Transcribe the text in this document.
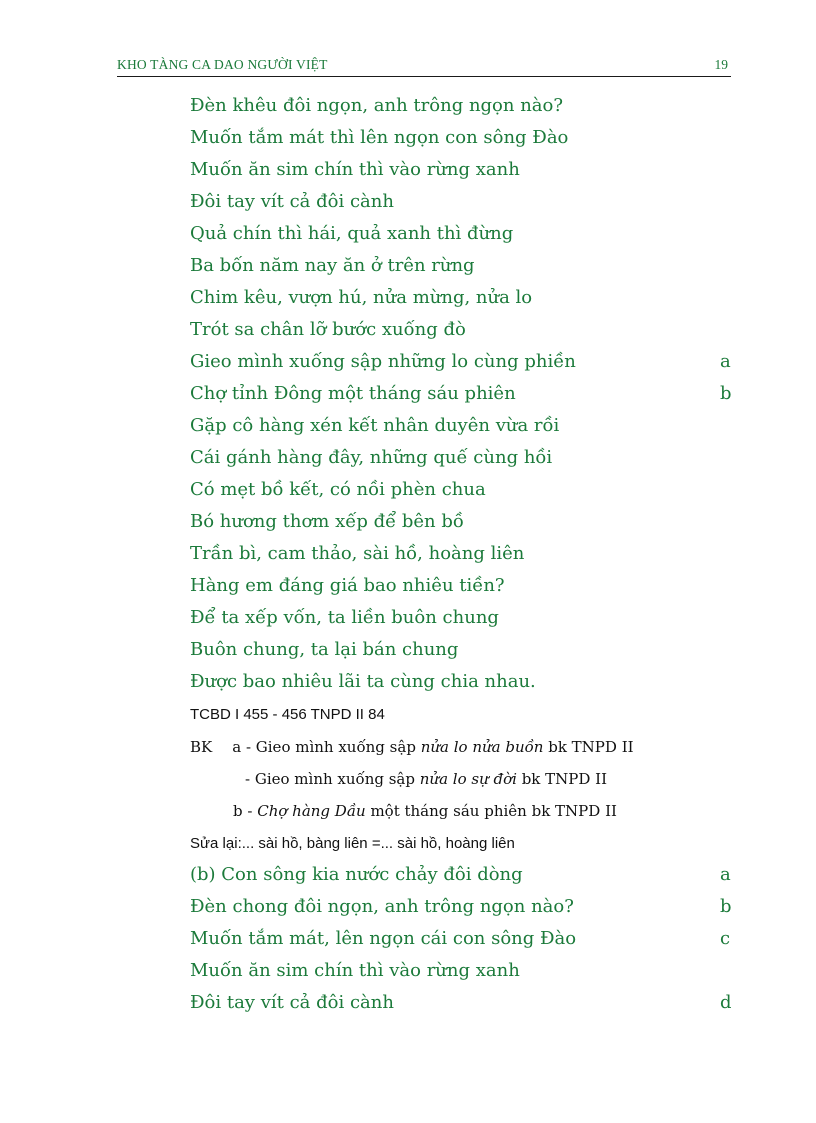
KHO TÀNG CA DAO NGƯỜI VIỆT	19
Đèn khêu đôi ngọn, anh trông ngọn nào?
Muốn tắm mát thì lên ngọn con sông Đào
Muốn ăn sim chín thì vào rừng xanh
Đôi tay vít cả đôi cành
Quả chín thì hái, quả xanh thì đừng
Ba bốn năm nay ăn ở trên rừng
Chim kêu, vượn hú, nửa mừng, nửa lo
Trót sa chân lỡ bước xuống đò
Gieo mình xuống sập những lo cùng phiền	a
Chợ tỉnh Đông một tháng sáu phiên	b
Gặp cô hàng xén kết nhân duyên vừa rồi
Cái gánh hàng đây, những quế cùng hồi
Có mẹt bồ kết, có nồi phèn chua
Bó hương thơm xếp để bên bồ
Trần bì, cam thảo, sài hồ, hoàng liên
Hàng em đáng giá bao nhiêu tiền?
Để ta xếp vốn, ta liền buôn chung
Buôn chung, ta lại bán chung
Được bao nhiêu lãi ta cùng chia nhau.
TCBD I 455 - 456 TNPD II 84
BK a - Gieo mình xuống sập nửa lo nửa buồn bk TNPD II
- Gieo mình xuống sập nửa lo sự đời bk TNPD II
b - Chợ hàng Dầu một tháng sáu phiên bk TNPD II
Sửa lại:... sài hồ, bàng liên =... sài hồ, hoàng liên
(b) Con sông kia nước chảy đôi dòng	a
Đèn chong đôi ngọn, anh trông ngọn nào?	b
Muốn tắm mát, lên ngọn cái con sông Đào	c
Muốn ăn sim chín thì vào rừng xanh
Đôi tay vít cả đôi cành	d
